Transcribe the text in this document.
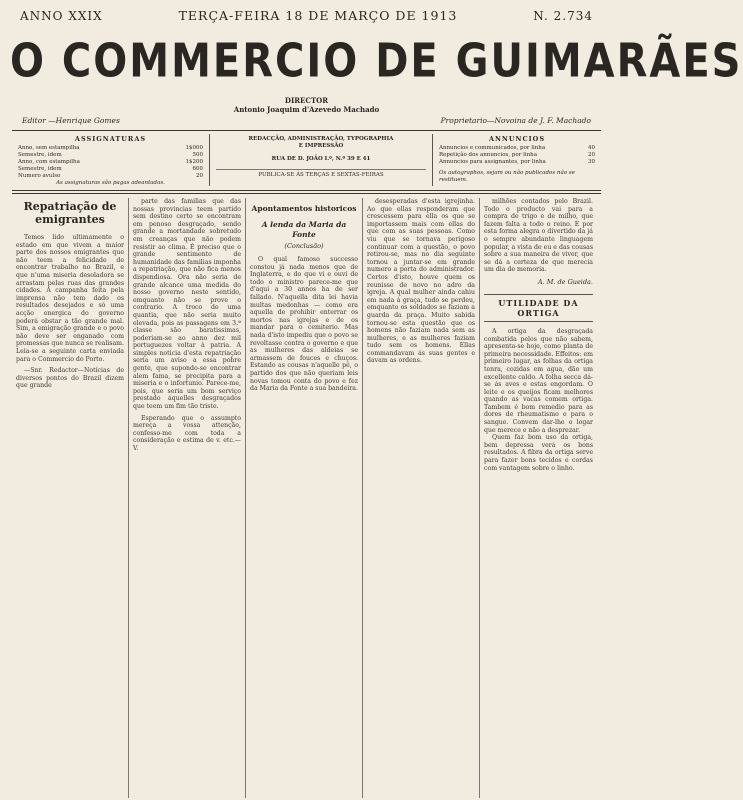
ANNO XXIX	TERÇA-FEIRA 18 DE MARÇO DE 1913	N. 2.734
O COMMERCIO DE GUIMARÃES
DIRECTOR
Antonio Joaquim d'Azevedo Machado
Editor —Henrique Gomes	Proprietario—Novoina de J. F. Machado
ASSIGNATURAS
Anno, sem estampilha	1$000
Semestre, idem	500
Anno, com estampilha	1$200
Semestre, idem	600
Numero avulso	20
As assignaturas são pagas adeantadas.
REDACÇÃO, ADMINISTRAÇÃO, TYPOGRAPHIA
E IMPRESSÃO
RUA DE D. JOÃO I.º, N.º 39 E 41
PUBLICA-SE ÁS TERÇAS E SEXTAS-FEIRAS
ANNUNCIOS
Annuncios e communicados, por linha	40
Repetição dos annuncios, por linha	20
Annuncios para assignantes, por linha	30
Os autographos, sejam ou não publicados não se restituem.
Repatriação de emigrantes

Temos lido ultimamente o estado em que vivem a maior parte dos nossos emigrantes que não teem a felicidade de encontrar trabalho no Brazil, e que n'uma miseria desoladora se arrastam pelas ruas das grandes cidades. A campanha feita pela imprensa não tem dado os resultados desejados e só uma acção energica do governo poderá obstar a tão grande mal. Sim, a emigração grande e o povo não deve ser enganado com promessas que nunca se realisam. Leia-se a seguinte carta enviada para o Commercio do Porto.

—Snr. Redactor—Notícias de diversos pontos do Brazil dizem que grande

parte das familias que das nossas provincias teem partido sem destino certo se encontram em penoso desgraçado, sendo grande a mortandade sobretudo em creanças que não podem resistir ao clima. É preciso que o grande sentimento de humanidade das familias imponha a repatriação, que não fica menos dispendiosa. Ora não seria de grande alcance uma medida do nosso governo neste sentido, emquanto não se prove o contrario. A troco de uma quantia, que não seria muito elevada, pois as passagens em 3.ª classe são baratissimas, poderiam-se ao anno dez mil portuguezes voltar à patria. A simples noticia d'esta repatriação seria um aviso a essa pobre gente, que supondo-se encontrar alem fama, se precipita para a miseria e o infortunio. Parece-me, pois, que seria um bom serviço prestado áquelles desgraçados que teem um fim tão triste.

Esperando que o assumpto mereça a vossa attenção, confesso-me com toda a consideração e estima de v. etc.—V.

Apontamentos historicos
A lenda da Maria da Fonte
(Conclusão)

O qual famoso successo constou já nada menos que de Inglaterra, e do que vi e ouvi de todo o ministro parece-me que d'aqui a 30 annos ha de ser fallado. N'aquella dita lei havia multas medonhas — como era aquella de prohibir enterrar os mortos nas igrejas e de os mandar para o cemiterio. Mas nada d'isto impediu que o povo se revoltasse contra o governo e que as mulheres das aldeias se armassem de fouces e chuços. Estando as cousas n'aquelle pé, o partido dos que não queriam leis novas tomou conta do povo e fez da Maria da Fonte a sua bandeira.

desesperadas d'esta igrejinha. Ao que ellas responderam que crescessem para ella os que se importassem mais com ellas do que com as suas pessoas. Como viu que se tornava perigoso continuar com a questão, o povo retirou-se, mas no dia seguinte tornou a juntar-se em grande numero a porta do administrador. Certos d'isto, houve quem os reunisse de novo no adro da igreja. A qual mulher ainda cahiu em nada á graça, tudo se perdeu, emquanto os soldados se faziam a guarda da praça. Muito sabida tornou-se esta questão que os homens não faziam nada sem as mulheres, e as mulheres faziam tudo sem os homens. Ellas commandavam ás suas gentes e davam as ordens.

milhões contados pelo Brazil. Todo o producto vai para a compra de trigo e de milho, que fazem falta a todo o reino. E por esta forma alegra o divertido da já o sempre abundante linguagem popular, a vista de eu e das cousas sobre a sua maneira de viver, que se dá a certeza de que merecia um dia de memoria.

A. M. de Gueida.
UTILIDADE DA ORTIGA

A ortiga da desgraçada combatida pelos que não sabem, apresenta-se hoje, como planta de primeira necessidade. Effeitos: em primeiro lugar, as folhas da ortiga tenra, cozidas em agua, dão um excellente caldo. A folha secca dá-se ás aves e estas engordam. O leite e os queijos ficam melhores quando as vacas comem ortiga. Tambem é bom remedio para as dores de rheumatismo e para o sangue. Convem dar-lhe o logar que merece e não a desprezar.

Quem faz bom uso da ortiga, bem depressa verá os bons resultados. A fibra da ortiga serve para fazer bons tecidos e cordas com vantagem sobre o linho.
